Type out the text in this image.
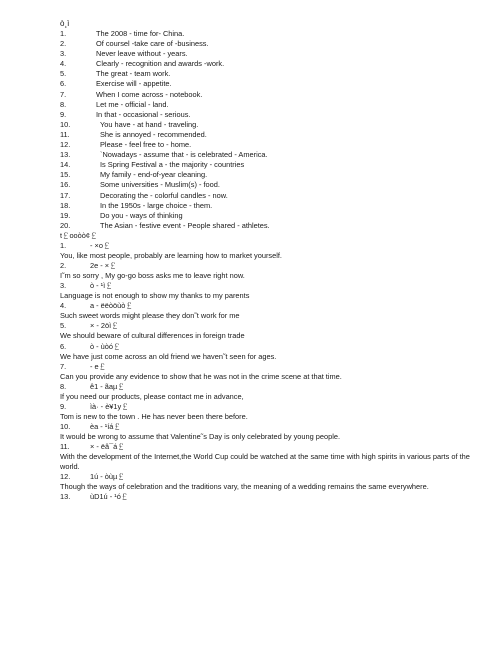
ò¸ì
1.	The 2008 - time for- China.
2.	Of coursel -take care of -business.
3.	Never leave without - years.
4.	Clearly - recognition and awards -work.
5.	The great - team work.
6.	Exercise will - appetite.
7.	When I come across - notebook.
8.	Let me - official - land.
9.	In that - occasional - serious.
10.	You have - at hand - traveling.
11.	She is annoyed - recommended.
12.	Please - feel free to - home.
13.	`Nowadays - assume that - is celebrated - America.
14.	Is Spring Festival a - the majority - countries
15.	My family - end-of-year cleaning.
16.	Some universities - Muslim(s) - food.
17.	Decorating the - colorful candles - now.
18.	In the 1950s - large choice - them.
19.	Do you - ways of thinking
20.	The Asian - festive event - People shared - athletes.
t￡ooòò¢￡
1.	- ×o￡
You, like most people, probably are learning how to market yourself.
2.	2e - ×￡
I˜m so sorry , My go-go boss asks me to leave right now.
3.	ò - ¹ì￡
Language is not enough to show my thanks to my parents
4.	a - ëëòöùò￡
Such sweet words might please they don˜t work for me
5.	× - 2öì￡
We should beware of cultural differences in foreign trade
6.	ò - ùòó￡
We have just come across an old friend we haven˜t seen for ages.
7.	- e￡
Can you provide any evidence to show that he was not in the crime scene at that time.
8.	ê1 - ãaµ￡
If you need our products, please contact me in advance,
9.	ìà· - è¥1y￡
Tom is new to the town . He has never been there before.
10.	èa - ¹íá￡
It would be wrong to assume that Valentine˜s Day is only celebrated by young people.
11.	× - ëâ¯á￡
With the development of the Internet,the World Cup could be watched at the same time with high spirits in various parts of the world.
12.	1ú - òùµ￡
Though the ways of celebration and the traditions vary, the meaning of a wedding remains the same everywhere.
13.	ùD1ú - ¹ó￡
